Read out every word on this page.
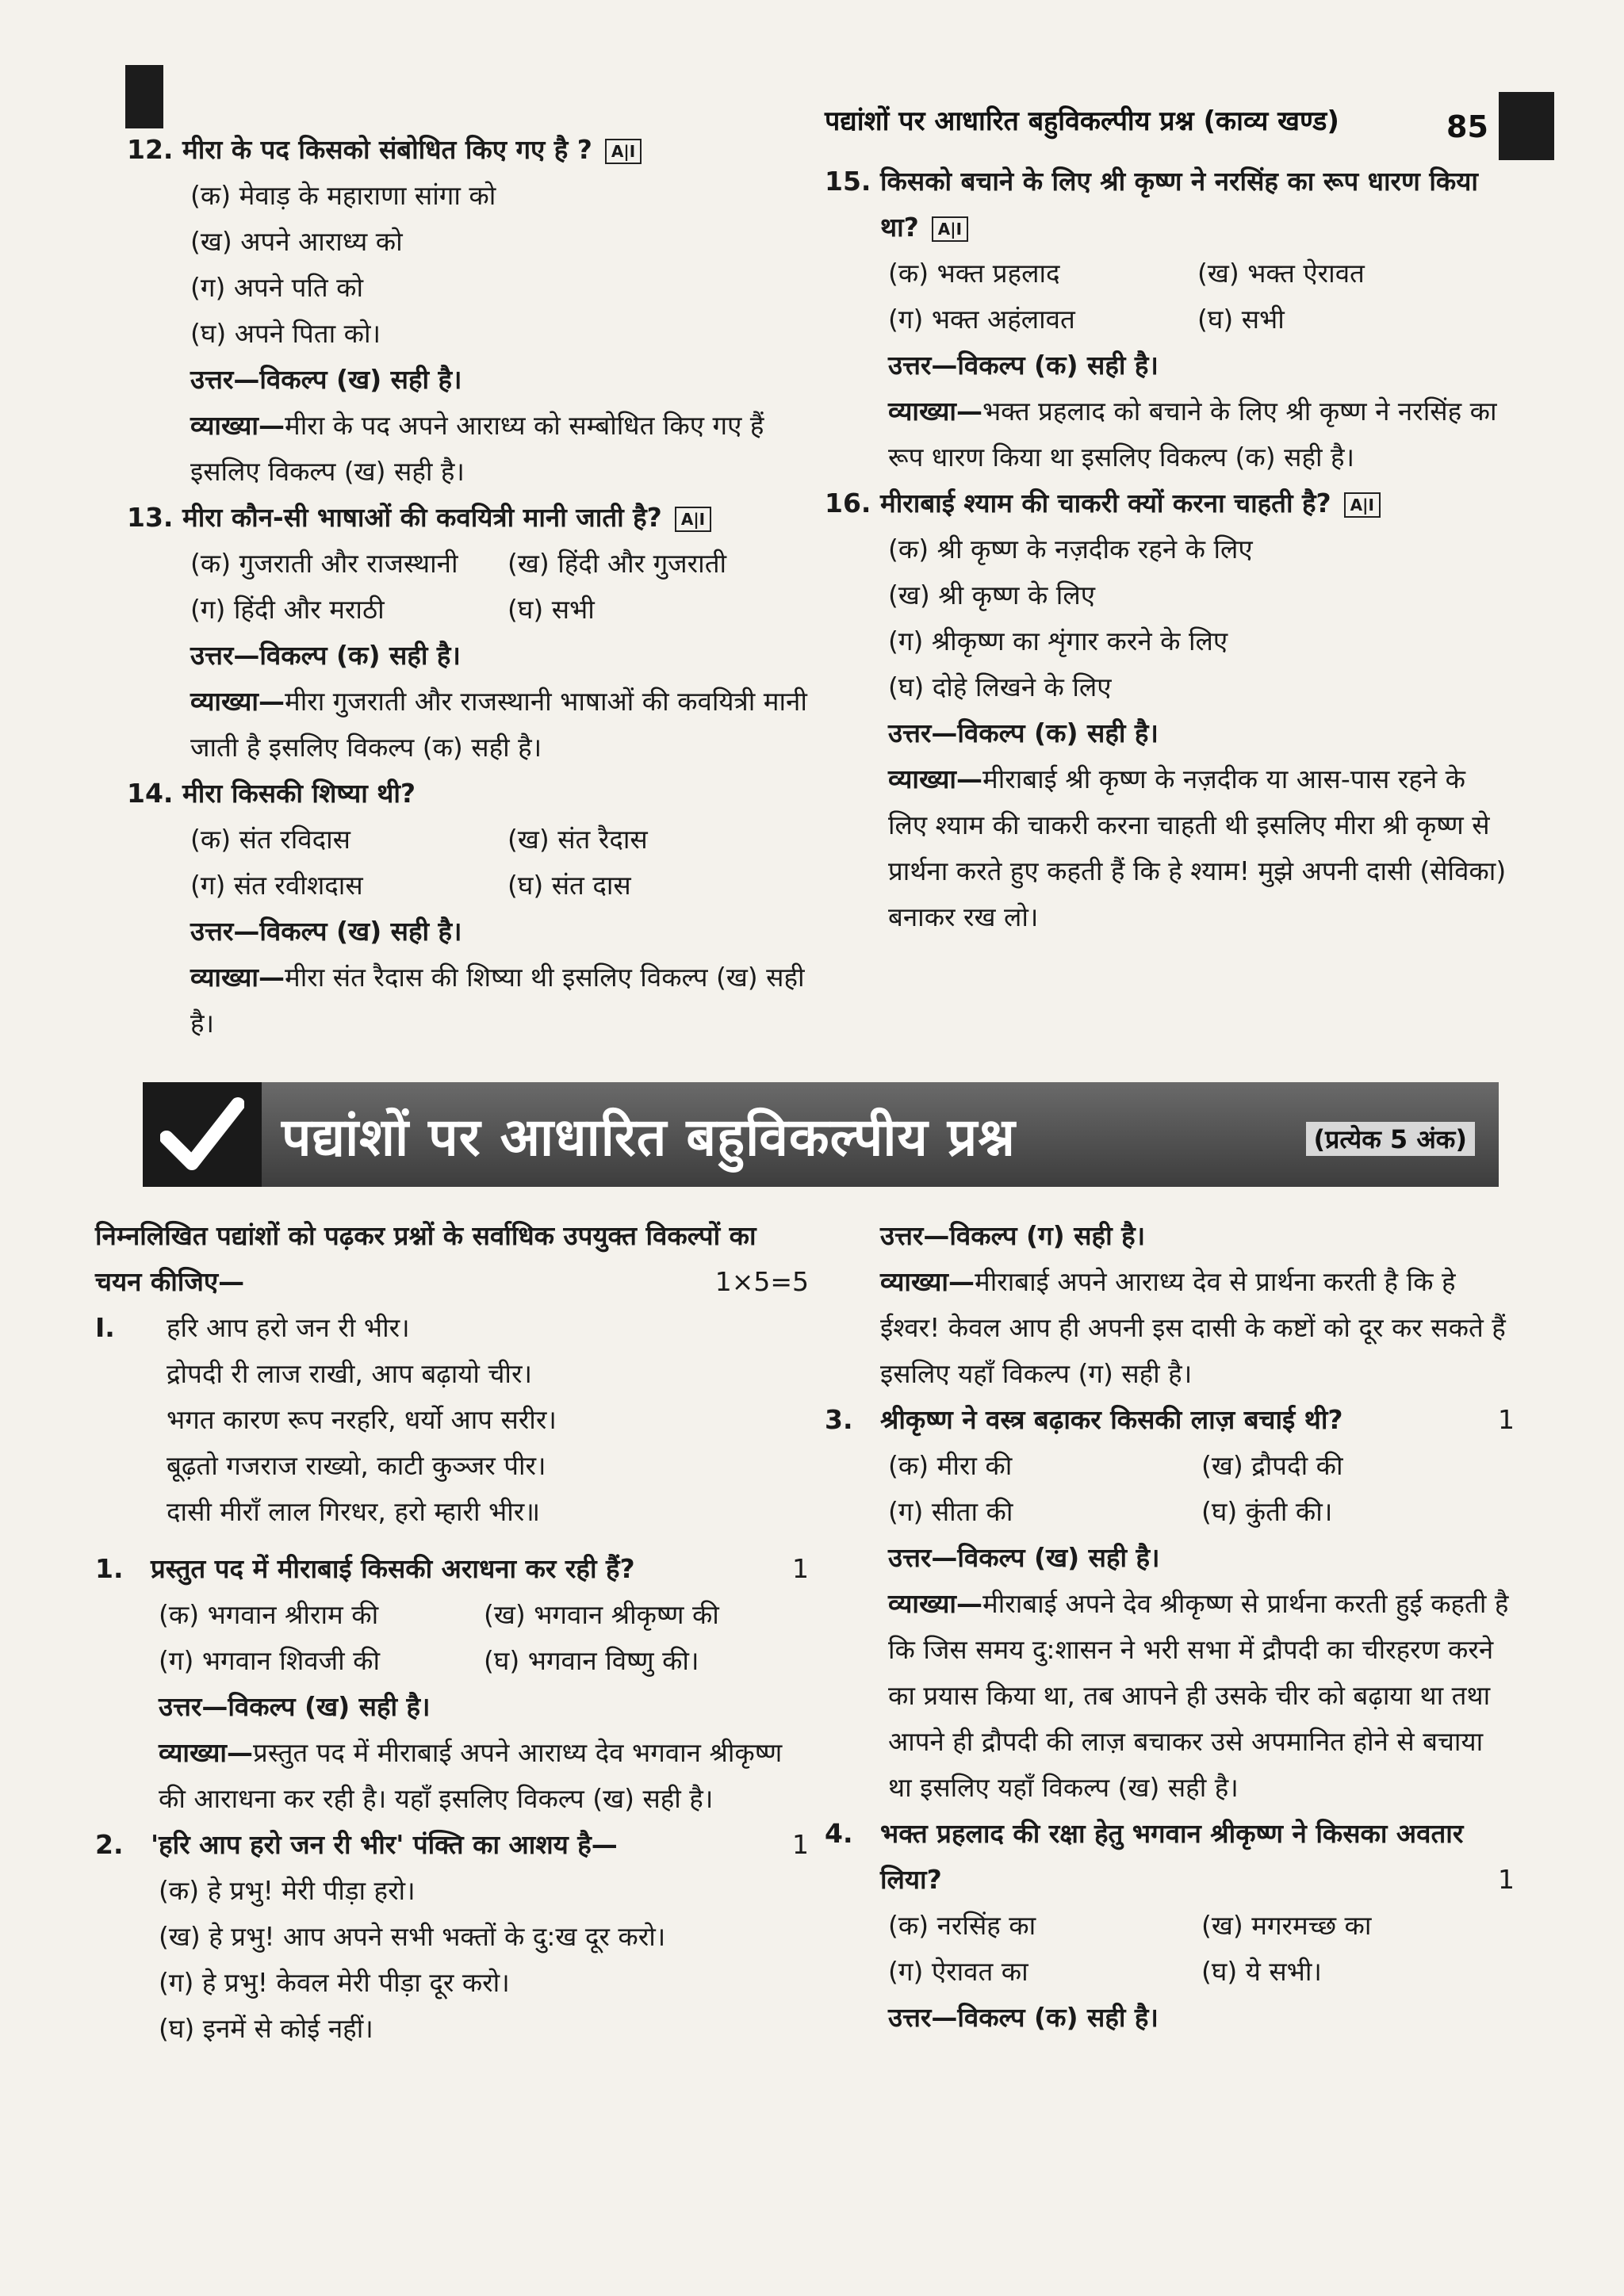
पद्यांशों पर आधारित बहुविकल्पीय प्रश्न (काव्य खण्ड)	85
12. मीरा के पद किसको संबोधित किए गए है ? A|I
(क) मेवाड़ के महाराणा सांगा को
(ख) अपने आराध्य को
(ग) अपने पति को
(घ) अपने पिता को।
उत्तर—विकल्प (ख) सही है।
व्याख्या—मीरा के पद अपने आराध्य को सम्बोधित किए गए हैं इसलिए विकल्प (ख) सही है।
13. मीरा कौन-सी भाषाओं की कवयित्री मानी जाती है? A|I
(क) गुजराती और राजस्थानी	(ख) हिंदी और गुजराती
(ग) हिंदी और मराठी	(घ) सभी
उत्तर—विकल्प (क) सही है।
व्याख्या—मीरा गुजराती और राजस्थानी भाषाओं की कवयित्री मानी जाती है इसलिए विकल्प (क) सही है।
14. मीरा किसकी शिष्या थी?
(क) संत रविदास	(ख) संत रैदास
(ग) संत रवीशदास	(घ) संत दास
उत्तर—विकल्प (ख) सही है।
व्याख्या—मीरा संत रैदास की शिष्या थी इसलिए विकल्प (ख) सही है।
15. किसको बचाने के लिए श्री कृष्ण ने नरसिंह का रूप धारण किया था? A|I
(क) भक्त प्रहलाद	(ख) भक्त ऐरावत
(ग) भक्त अहंलावत	(घ) सभी
उत्तर—विकल्प (क) सही है।
व्याख्या—भक्त प्रहलाद को बचाने के लिए श्री कृष्ण ने नरसिंह का रूप धारण किया था इसलिए विकल्प (क) सही है।
16. मीराबाई श्याम की चाकरी क्यों करना चाहती है? A|I
(क) श्री कृष्ण के नज़दीक रहने के लिए
(ख) श्री कृष्ण के लिए
(ग) श्रीकृष्ण का शृंगार करने के लिए
(घ) दोहे लिखने के लिए
उत्तर—विकल्प (क) सही है।
व्याख्या—मीराबाई श्री कृष्ण के नज़दीक या आस-पास रहने के लिए श्याम की चाकरी करना चाहती थी इसलिए मीरा श्री कृष्ण से प्रार्थना करते हुए कहती हैं कि हे श्याम! मुझे अपनी दासी (सेविका) बनाकर रख लो।
पद्यांशों पर आधारित बहुविकल्पीय प्रश्न	(प्रत्येक 5 अंक)
निम्नलिखित पद्यांशों को पढ़कर प्रश्नों के सर्वाधिक उपयुक्त विकल्पों का चयन कीजिए—	1×5=5
I.	हरि आप हरो जन री भीर।
द्रोपदी री लाज राखी, आप बढ़ायो चीर।
भगत कारण रूप नरहरि, धर्यो आप सरीर।
बूढ़तो गजराज राख्यो, काटी कुञ्जर पीर।
दासी मीराँ लाल गिरधर, हरो म्हारी भीर॥
1.	प्रस्तुत पद में मीराबाई किसकी अराधना कर रही हैं?	1
(क) भगवान श्रीराम की	(ख) भगवान श्रीकृष्ण की
(ग) भगवान शिवजी की	(घ) भगवान विष्णु की।
उत्तर—विकल्प (ख) सही है।
व्याख्या—प्रस्तुत पद में मीराबाई अपने आराध्य देव भगवान श्रीकृष्ण की आराधना कर रही है। यहाँ इसलिए विकल्प (ख) सही है।
2.	'हरि आप हरो जन री भीर' पंक्ति का आशय है—	1
(क) हे प्रभु! मेरी पीड़ा हरो।
(ख) हे प्रभु! आप अपने सभी भक्तों के दु:ख दूर करो।
(ग) हे प्रभु! केवल मेरी पीड़ा दूर करो।
(घ) इनमें से कोई नहीं।
उत्तर—विकल्प (ग) सही है।
व्याख्या—मीराबाई अपने आराध्य देव से प्रार्थना करती है कि हे ईश्वर! केवल आप ही अपनी इस दासी के कष्टों को दूर कर सकते हैं इसलिए यहाँ विकल्प (ग) सही है।
3.	श्रीकृष्ण ने वस्त्र बढ़ाकर किसकी लाज़ बचाई थी?	1
(क) मीरा की	(ख) द्रौपदी की
(ग) सीता की	(घ) कुंती की।
उत्तर—विकल्प (ख) सही है।
व्याख्या—मीराबाई अपने देव श्रीकृष्ण से प्रार्थना करती हुई कहती है कि जिस समय दु:शासन ने भरी सभा में द्रौपदी का चीरहरण करने का प्रयास किया था, तब आपने ही उसके चीर को बढ़ाया था तथा आपने ही द्रौपदी की लाज़ बचाकर उसे अपमानित होने से बचाया था इसलिए यहाँ विकल्प (ख) सही है।
4.	भक्त प्रहलाद की रक्षा हेतु भगवान श्रीकृष्ण ने किसका अवतार लिया?	1
(क) नरसिंह का	(ख) मगरमच्छ का
(ग) ऐरावत का	(घ) ये सभी।
उत्तर—विकल्प (क) सही है।
